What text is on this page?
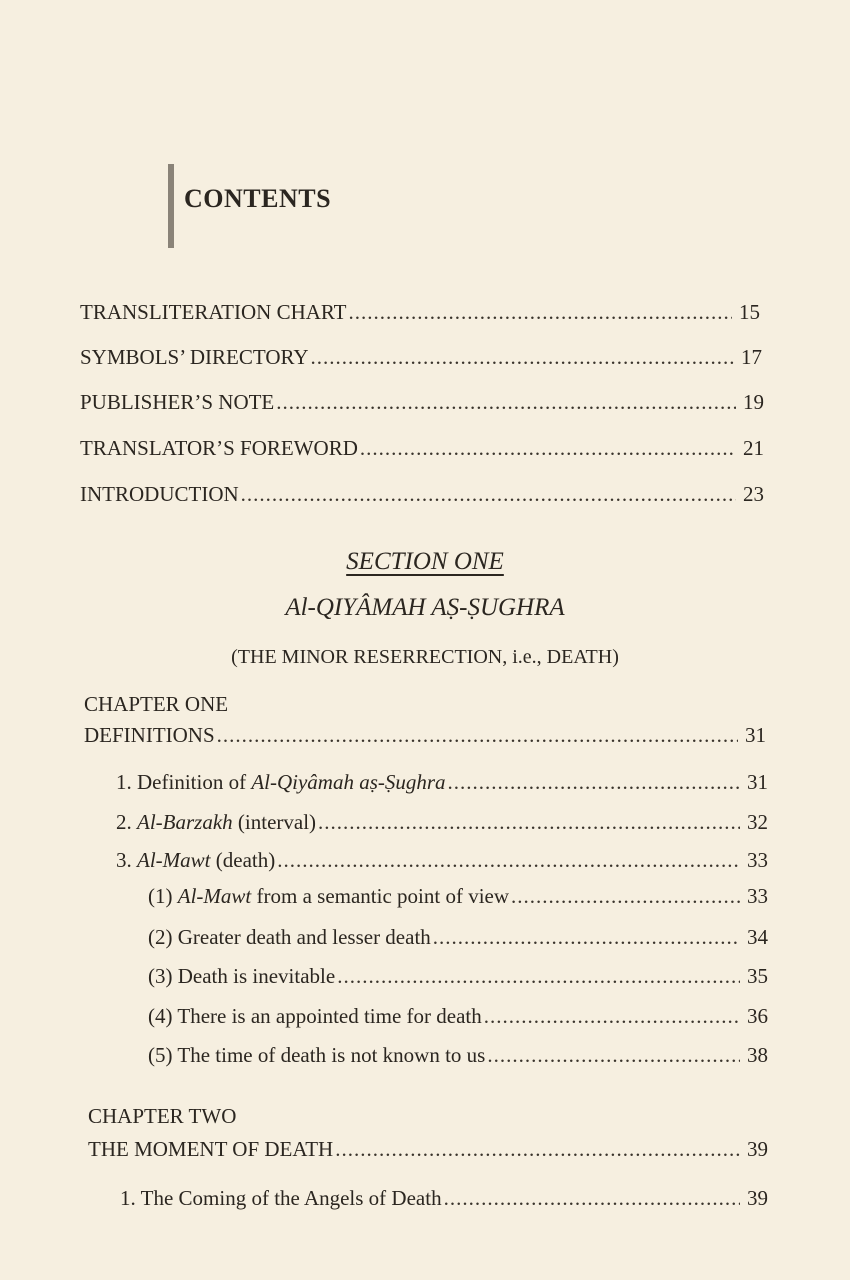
CONTENTS
TRANSLITERATION CHART .....	15
SYMBOLS’ DIRECTORY .....	17
PUBLISHER’S NOTE .....	19
TRANSLATOR’S FOREWORD .....	21
INTRODUCTION .....	23
SECTION ONE
Al-QIYÂMAH AṢ-ṢUGHRA
(THE MINOR RESERRECTION, i.e., DEATH)
CHAPTER ONE
DEFINITIONS .....	31
1. Definition of Al-Qiyâmah aṣ-Ṣughra .....	31
2. Al-Barzakh (interval) .....	32
3. Al-Mawt (death) .....	33
(1) Al-Mawt from a semantic point of view .....	33
(2) Greater death and lesser death .....	34
(3) Death is inevitable .....	35
(4) There is an appointed time for death .....	36
(5) The time of death is not known to us .....	38
CHAPTER TWO
THE MOMENT OF DEATH .....	39
1. The Coming of the Angels of Death .....	39
